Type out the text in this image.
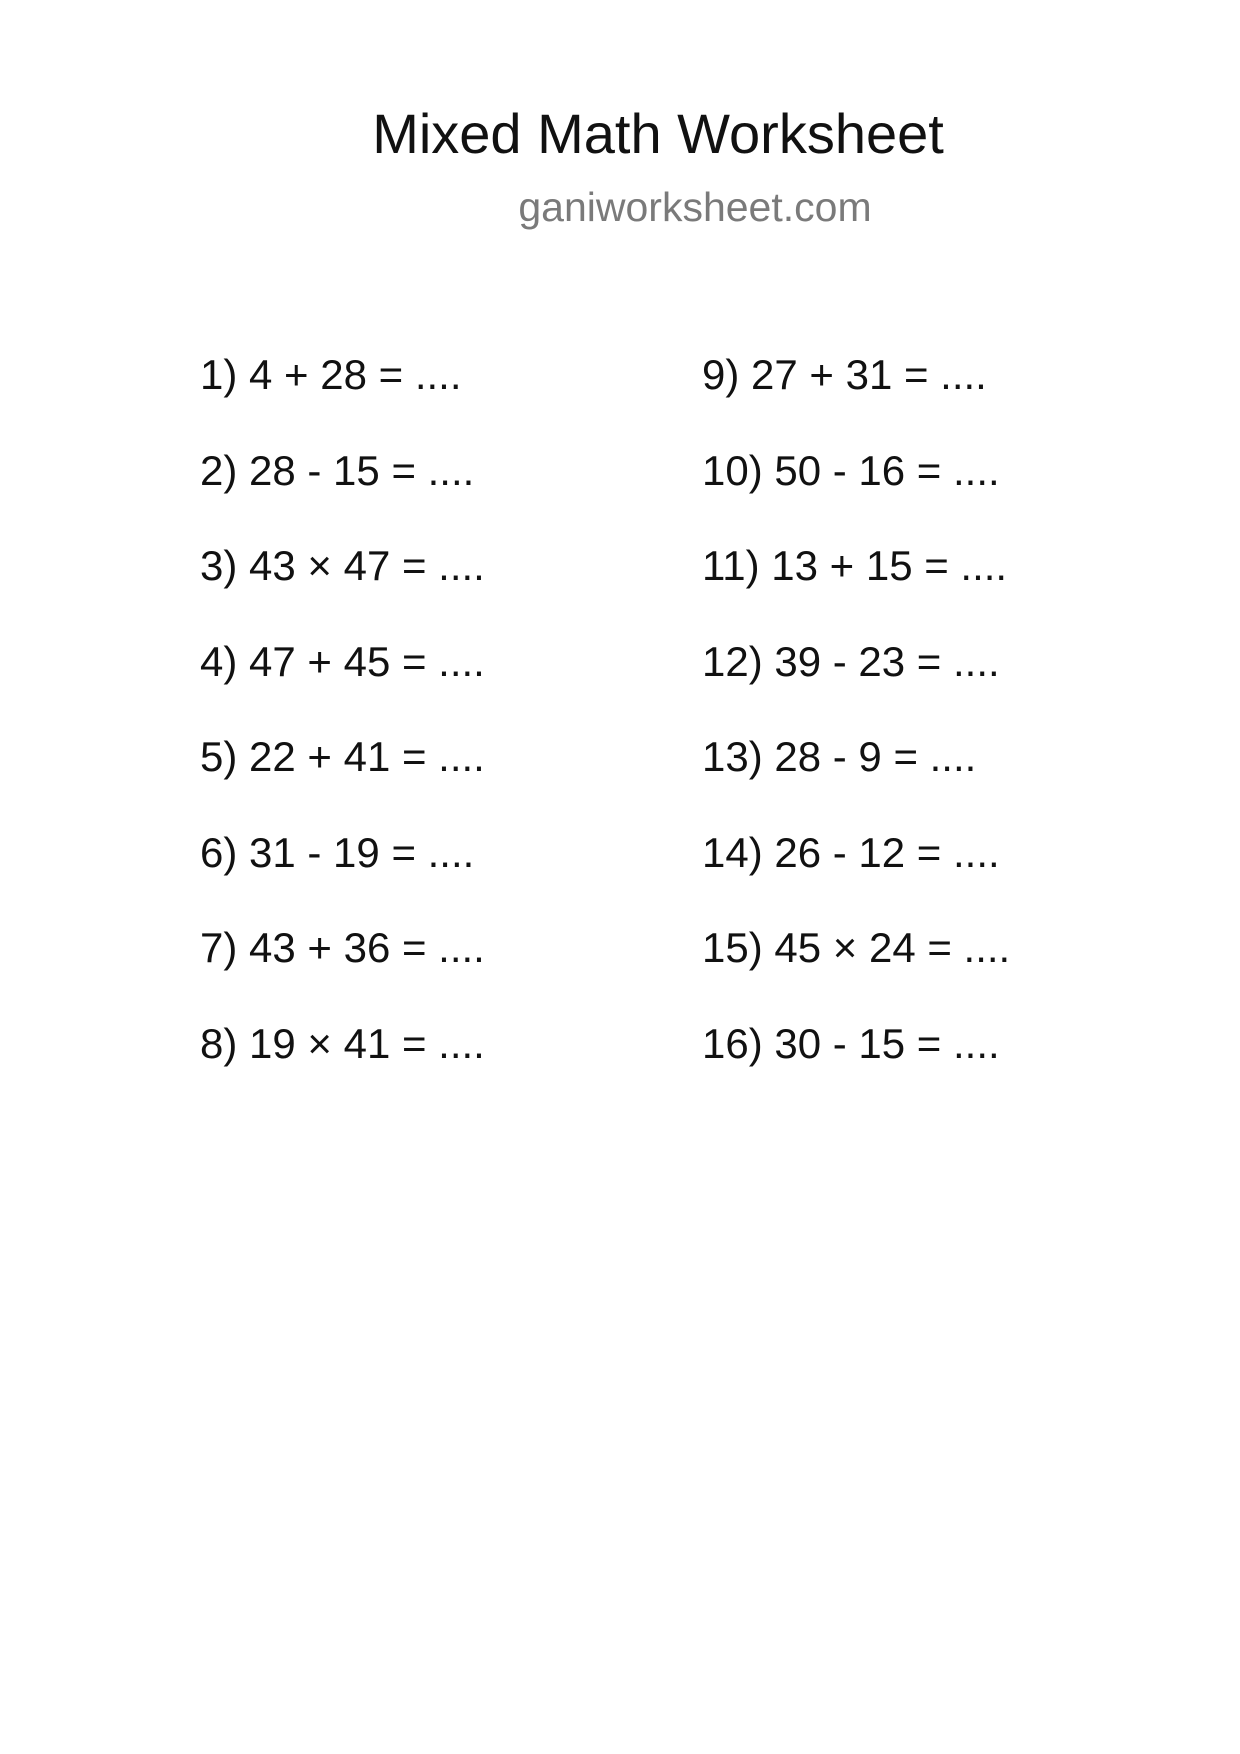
Mixed Math Worksheet
ganiworksheet.com
1) 4 + 28 = ....
2) 28 - 15 = ....
3) 43 × 47 = ....
4) 47 + 45 = ....
5) 22 + 41 = ....
6) 31 - 19 = ....
7) 43 + 36 = ....
8) 19 × 41 = ....
9) 27 + 31 = ....
10) 50 - 16 = ....
11) 13 + 15 = ....
12) 39 - 23 = ....
13) 28 - 9 = ....
14) 26 - 12 = ....
15) 45 × 24 = ....
16) 30 - 15 = ....
